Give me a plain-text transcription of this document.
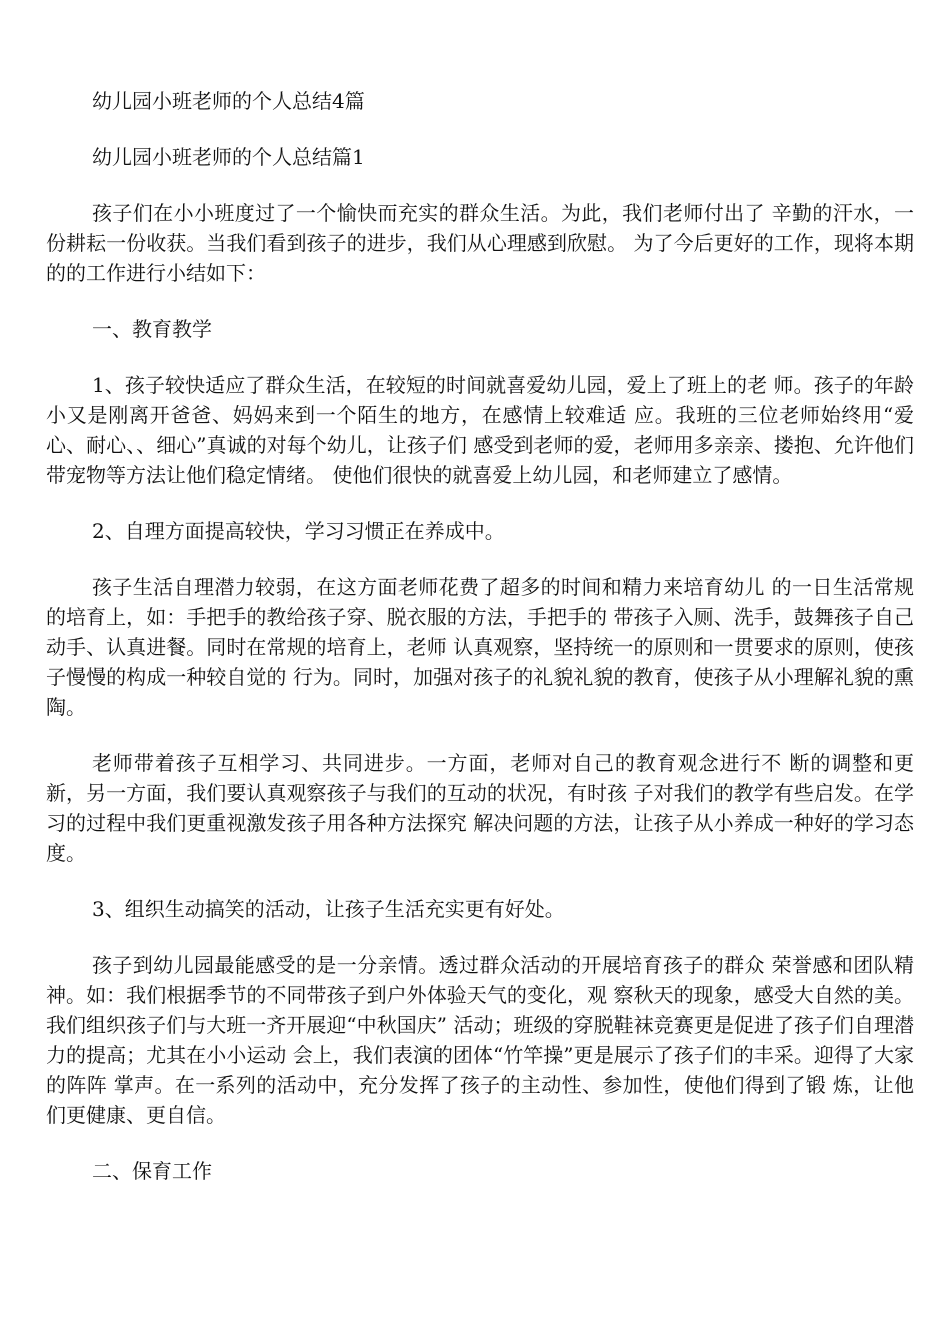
幼儿园小班老师的个人总结4篇

幼儿园小班老师的个人总结篇1

孩子们在小小班度过了一个愉快而充实的群众生活。为此，我们老师付出了 辛勤的汗水，一份耕耘一份收获。当我们看到孩子的进步，我们从心理感到欣慰。 为了今后更好的工作，现将本期的的工作进行小结如下：

一、教育教学

1、孩子较快适应了群众生活，在较短的时间就喜爱幼儿园，爱上了班上的老 师。孩子的年龄小又是刚离开爸爸、妈妈来到一个陌生的地方，在感情上较难适 应。我班的三位老师始终用“爱心、耐心、、细心”真诚的对每个幼儿，让孩子们 感受到老师的爱，老师用多亲亲、搂抱、允许他们带宠物等方法让他们稳定情绪。 使他们很快的就喜爱上幼儿园，和老师建立了感情。

2、自理方面提高较快，学习习惯正在养成中。

孩子生活自理潜力较弱，在这方面老师花费了超多的时间和精力来培育幼儿 的一日生活常规的培育上，如：手把手的教给孩子穿、脱衣服的方法，手把手的 带孩子入厕、洗手，鼓舞孩子自己动手、认真进餐。同时在常规的培育上，老师 认真观察，坚持统一的原则和一贯要求的原则，使孩子慢慢的构成一种较自觉的 行为。同时，加强对孩子的礼貌礼貌的教育，使孩子从小理解礼貌的熏陶。

老师带着孩子互相学习、共同进步。一方面，老师对自己的教育观念进行不 断的调整和更新，另一方面，我们要认真观察孩子与我们的互动的状况，有时孩 子对我们的教学有些启发。在学习的过程中我们更重视激发孩子用各种方法探究 解决问题的方法，让孩子从小养成一种好的学习态度。

3、组织生动搞笑的活动，让孩子生活充实更有好处。

孩子到幼儿园最能感受的是一分亲情。透过群众活动的开展培育孩子的群众 荣誉感和团队精神。如：我们根据季节的不同带孩子到户外体验天气的变化，观 察秋天的现象，感受大自然的美。我们组织孩子们与大班一齐开展迎“中秋国庆” 活动；班级的穿脱鞋袜竞赛更是促进了孩子们自理潜力的提高；尤其在小小运动 会上，我们表演的团体“竹竿操”更是展示了孩子们的丰采。迎得了大家的阵阵 掌声。在一系列的活动中，充分发挥了孩子的主动性、参加性，使他们得到了锻 炼，让他们更健康、更自信。

二、保育工作
